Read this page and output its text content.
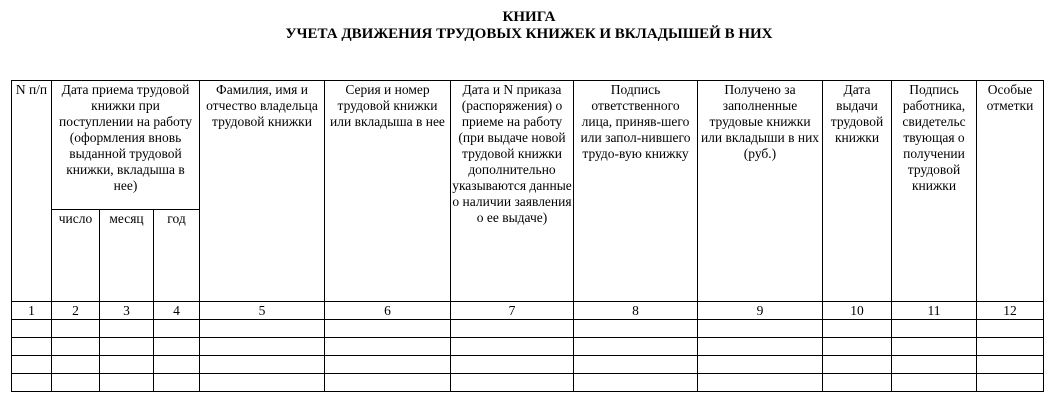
КНИГА
УЧЕТА ДВИЖЕНИЯ ТРУДОВЫХ КНИЖЕК И ВКЛАДЫШЕЙ В НИХ
N п/п	Дата приема трудовой книжки при поступлении на работу (оформления вновь выданной трудовой книжки, вкладыша в нее)			Фамилия, имя и отчество владельца трудовой книжки	Серия и номер трудовой книжки или вкладыша в нее	Дата и N приказа (распоряжения) о приеме на работу (при выдаче новой трудовой книжки дополнительно указываются данные о наличии заявления о ее выдаче)	Подпись ответственного лица, приняв-шего или запол-нившего трудо-вую книжку	Получено за заполненные трудовые книжки или вкладыши в них (руб.)	Дата выдачи трудовой книжки	Подпись работника, свидетельс твующая о получении трудовой книжки	Особые отметки
	число	месяц	год								
1	2	3	4	5	6	7	8	9	10	11	12
